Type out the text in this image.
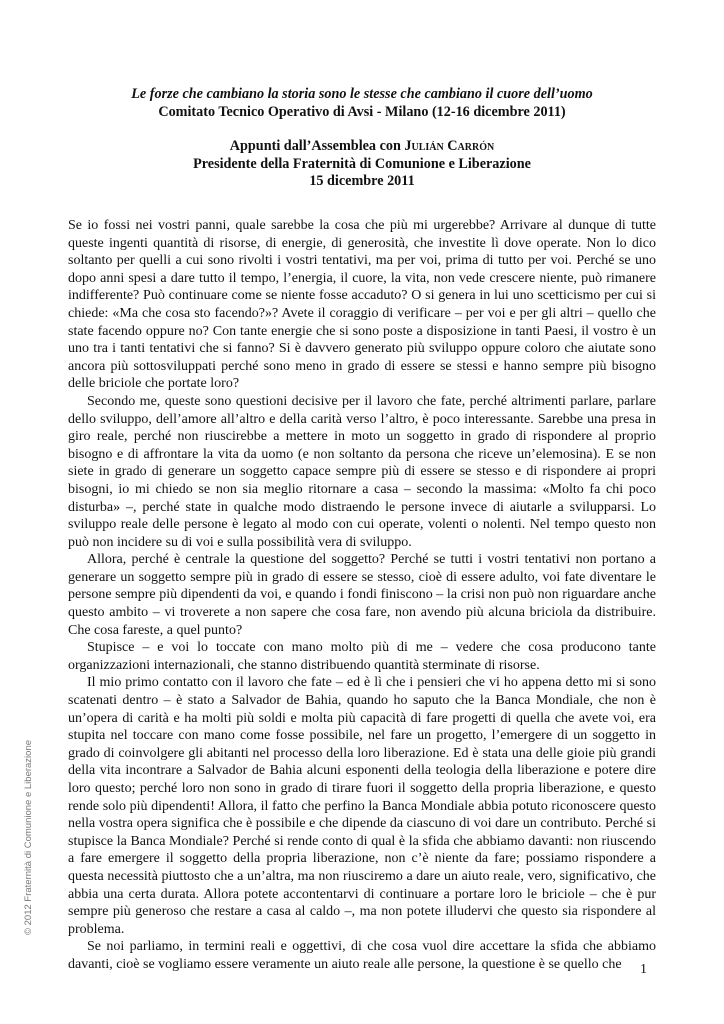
Le forze che cambiano la storia sono le stesse che cambiano il cuore dell’uomo
Comitato Tecnico Operativo di Avsi - Milano (12-16 dicembre 2011)
Appunti dall’Assemblea con Julián Carrón
Presidente della Fraternità di Comunione e Liberazione
15 dicembre 2011

Se io fossi nei vostri panni, quale sarebbe la cosa che più mi urgerebbe? Arrivare al dunque di tutte queste ingenti quantità di risorse, di energie, di generosità, che investite lì dove operate. Non lo dico soltanto per quelli a cui sono rivolti i vostri tentativi, ma per voi, prima di tutto per voi. Perché se uno dopo anni spesi a dare tutto il tempo, l’energia, il cuore, la vita, non vede crescere niente, può rimanere indifferente? Può continuare come se niente fosse accaduto? O si genera in lui uno scetticismo per cui si chiede: «Ma che cosa sto facendo?»? Avete il coraggio di verificare – per voi e per gli altri – quello che state facendo oppure no? Con tante energie che si sono poste a disposizione in tanti Paesi, il vostro è un uno tra i tanti tentativi che si fanno? Si è davvero generato più sviluppo oppure coloro che aiutate sono ancora più sottosviluppati perché sono meno in grado di essere se stessi e hanno sempre più bisogno delle briciole che portate loro?

Secondo me, queste sono questioni decisive per il lavoro che fate, perché altrimenti parlare, parlare dello sviluppo, dell’amore all’altro e della carità verso l’altro, è poco interessante. Sarebbe una presa in giro reale, perché non riuscirebbe a mettere in moto un soggetto in grado di rispondere al proprio bisogno e di affrontare la vita da uomo (e non soltanto da persona che riceve un’elemosina). E se non siete in grado di generare un soggetto capace sempre più di essere se stesso e di rispondere ai propri bisogni, io mi chiedo se non sia meglio ritornare a casa – secondo la massima: «Molto fa chi poco disturba» –, perché state in qualche modo distraendo le persone invece di aiutarle a svilupparsi. Lo sviluppo reale delle persone è legato al modo con cui operate, volenti o nolenti. Nel tempo questo non può non incidere su di voi e sulla possibilità vera di sviluppo.

Allora, perché è centrale la questione del soggetto? Perché se tutti i vostri tentativi non portano a generare un soggetto sempre più in grado di essere se stesso, cioè di essere adulto, voi fate diventare le persone sempre più dipendenti da voi, e quando i fondi finiscono – la crisi non può non riguardare anche questo ambito – vi troverete a non sapere che cosa fare, non avendo più alcuna briciola da distribuire. Che cosa fareste, a quel punto?

Stupisce – e voi lo toccate con mano molto più di me – vedere che cosa producono tante organizzazioni internazionali, che stanno distribuendo quantità sterminate di risorse.

Il mio primo contatto con il lavoro che fate – ed è lì che i pensieri che vi ho appena detto mi si sono scatenati dentro – è stato a Salvador de Bahia, quando ho saputo che la Banca Mondiale, che non è un’opera di carità e ha molti più soldi e molta più capacità di fare progetti di quella che avete voi, era stupita nel toccare con mano come fosse possibile, nel fare un progetto, l’emergere di un soggetto in grado di coinvolgere gli abitanti nel processo della loro liberazione. Ed è stata una delle gioie più grandi della vita incontrare a Salvador de Bahia alcuni esponenti della teologia della liberazione e potere dire loro questo; perché loro non sono in grado di tirare fuori il soggetto della propria liberazione, e questo rende solo più dipendenti! Allora, il fatto che perfino la Banca Mondiale abbia potuto riconoscere questo nella vostra opera significa che è possibile e che dipende da ciascuno di voi dare un contributo. Perché si stupisce la Banca Mondiale? Perché si rende conto di qual è la sfida che abbiamo davanti: non riuscendo a fare emergere il soggetto della propria liberazione, non c’è niente da fare; possiamo rispondere a questa necessità piuttosto che a un’altra, ma non riusciremo a dare un aiuto reale, vero, significativo, che abbia una certa durata. Allora potete accontentarvi di continuare a portare loro le briciole – che è pur sempre più generoso che restare a casa al caldo –, ma non potete illudervi che questo sia rispondere al problema.

Se noi parliamo, in termini reali e oggettivi, di che cosa vuol dire accettare la sfida che abbiamo davanti, cioè se vogliamo essere veramente un aiuto reale alle persone, la questione è se quello che

© 2012 Fraternità di Comunione e Liberazione
1
